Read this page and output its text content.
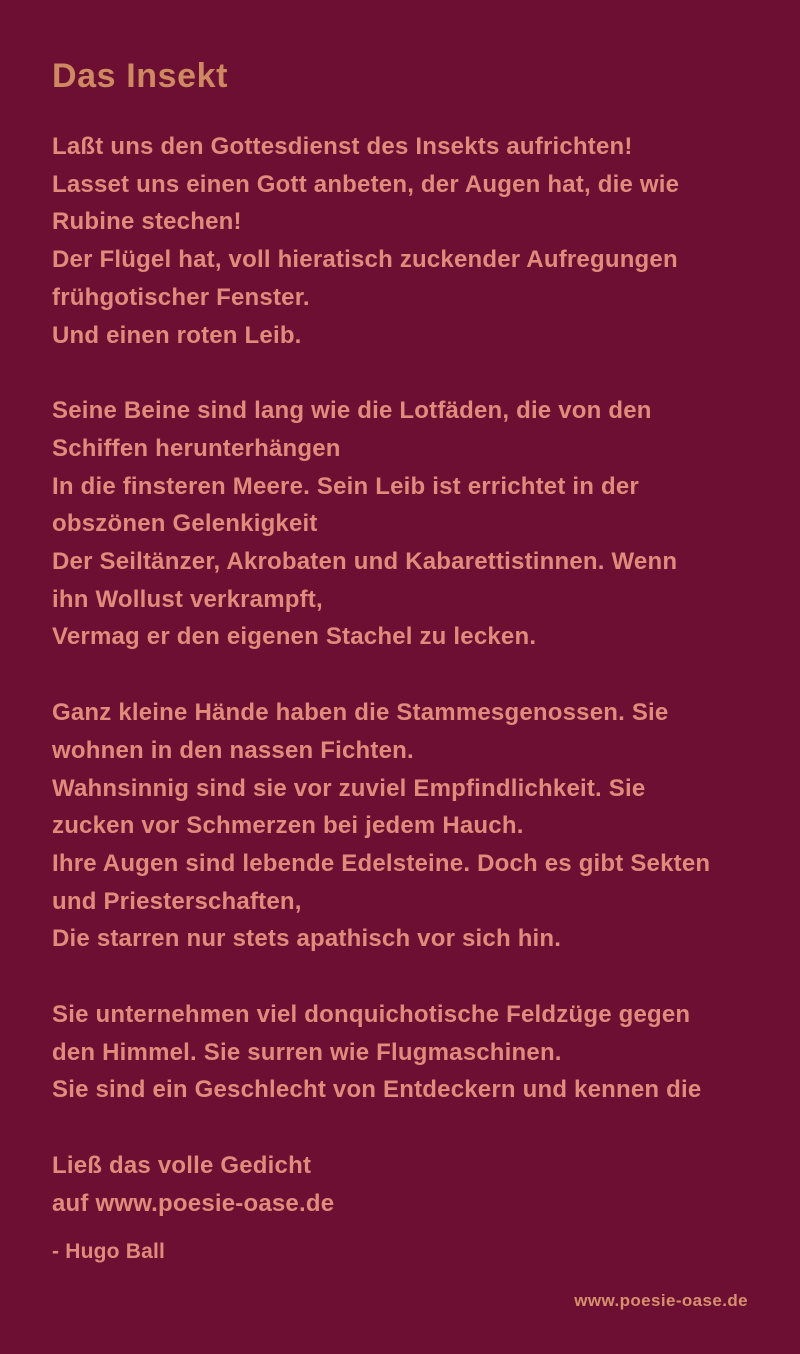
Das Insekt
Laßt uns den Gottesdienst des Insekts aufrichten!
Lasset uns einen Gott anbeten, der Augen hat, die wie
Rubine stechen!
Der Flügel hat, voll hieratisch zuckender Aufregungen
frühgotischer Fenster.
Und einen roten Leib.
Seine Beine sind lang wie die Lotfäden, die von den
Schiffen herunterhängen
In die finsteren Meere. Sein Leib ist errichtet in der
obszönen Gelenkigkeit
Der Seiltänzer, Akrobaten und Kabarettistinnen. Wenn
ihn Wollust verkrampft,
Vermag er den eigenen Stachel zu lecken.
Ganz kleine Hände haben die Stammesgenossen. Sie
wohnen in den nassen Fichten.
Wahnsinnig sind sie vor zuviel Empfindlichkeit. Sie
zucken vor Schmerzen bei jedem Hauch.
Ihre Augen sind lebende Edelsteine. Doch es gibt Sekten
und Priesterschaften,
Die starren nur stets apathisch vor sich hin.
Sie unternehmen viel donquichotische Feldzüge gegen
den Himmel. Sie surren wie Flugmaschinen.
Sie sind ein Geschlecht von Entdeckern und kennen die
Ließ das volle Gedicht
auf www.poesie-oase.de
- Hugo Ball
www.poesie-oase.de
